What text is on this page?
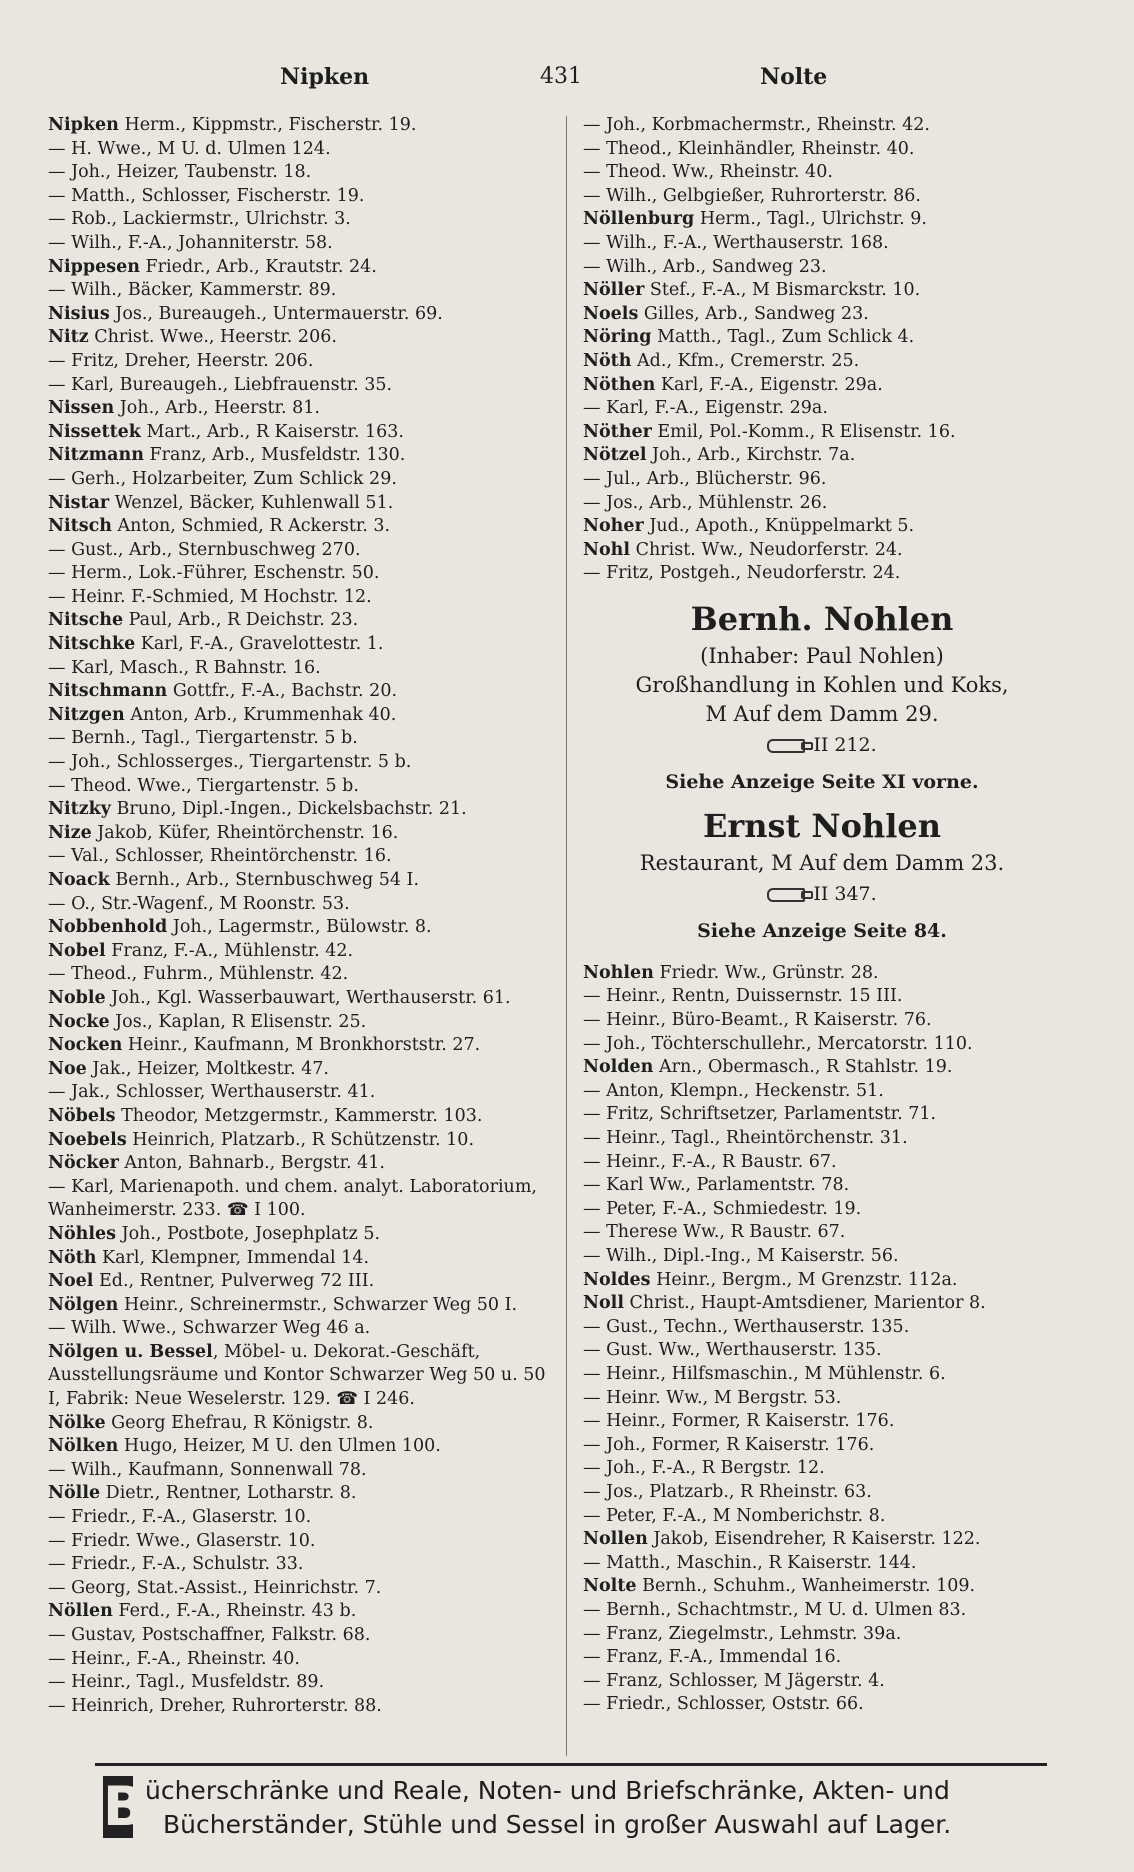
Nipken	431	Nolte
Nipken Herm., Kippmstr., Fischerstr. 19.
— H. Wwe., M U. d. Ulmen 124.
— Joh., Heizer, Taubenstr. 18.
— Matth., Schlosser, Fischerstr. 19.
— Rob., Lackiermstr., Ulrichstr. 3.
— Wilh., F.-A., Johanniterstr. 58.
Nippesen Friedr., Arb., Krautstr. 24.
— Wilh., Bäcker, Kammerstr. 89.
Nisius Jos., Bureaugeh., Untermauerstr. 69.
Nitz Christ. Wwe., Heerstr. 206.
— Fritz, Dreher, Heerstr. 206.
— Karl, Bureaugeh., Liebfrauenstr. 35.
Nissen Joh., Arb., Heerstr. 81.
Nissettek Mart., Arb., R Kaiserstr. 163.
Nitzmann Franz, Arb., Musfeldstr. 130.
— Gerh., Holzarbeiter, Zum Schlick 29.
Nistar Wenzel, Bäcker, Kuhlenwall 51.
Nitsch Anton, Schmied, R Ackerstr. 3.
— Gust., Arb., Sternbuschweg 270.
— Herm., Lok.-Führer, Eschenstr. 50.
— Heinr. F.-Schmied, M Hochstr. 12.
Nitsche Paul, Arb., R Deichstr. 23.
Nitschke Karl, F.-A., Gravelottestr. 1.
— Karl, Masch., R Bahnstr. 16.
Nitschmann Gottfr., F.-A., Bachstr. 20.
Nitzgen Anton, Arb., Krummenhak 40.
— Bernh., Tagl., Tiergartenstr. 5 b.
— Joh., Schlosserges., Tiergartenstr. 5 b.
— Theod. Wwe., Tiergartenstr. 5 b.
Nitzky Bruno, Dipl.-Ingen., Dickelsbachstr. 21.
Nize Jakob, Küfer, Rheintörchenstr. 16.
— Val., Schlosser, Rheintörchenstr. 16.
Noack Bernh., Arb., Sternbuschweg 54 I.
— O., Str.-Wagenf., M Roonstr. 53.
Nobbenhold Joh., Lagermstr., Bülowstr. 8.
Nobel Franz, F.-A., Mühlenstr. 42.
— Theod., Fuhrm., Mühlenstr. 42.
Noble Joh., Kgl. Wasserbauwart, Werthauserstr. 61.
Nocke Jos., Kaplan, R Elisenstr. 25.
Nocken Heinr., Kaufmann, M Bronkhorststr. 27.
Noe Jak., Heizer, Moltkestr. 47.
— Jak., Schlosser, Werthauserstr. 41.
Nöbels Theodor, Metzgermstr., Kammerstr. 103.
Noebels Heinrich, Platzarb., R Schützenstr. 10.
Nöcker Anton, Bahnarb., Bergstr. 41.
— Karl, Marienapoth. und chem. analyt. Laboratorium, Wanheimerstr. 233. ☎ I 100.
Nöhles Joh., Postbote, Josephplatz 5.
Nöth Karl, Klempner, Immendal 14.
Noel Ed., Rentner, Pulverweg 72 III.
Nölgen Heinr., Schreinermstr., Schwarzer Weg 50 I.
— Wilh. Wwe., Schwarzer Weg 46 a.
Nölgen u. Bessel, Möbel- u. Dekorat.-Geschäft, Ausstellungsräume und Kontor Schwarzer Weg 50 u. 50 I, Fabrik: Neue Weselerstr. 129. ☎ I 246.
Nölke Georg Ehefrau, R Königstr. 8.
Nölken Hugo, Heizer, M U. den Ulmen 100.
— Wilh., Kaufmann, Sonnenwall 78.
Nölle Dietr., Rentner, Lotharstr. 8.
— Friedr., F.-A., Glaserstr. 10.
— Friedr. Wwe., Glaserstr. 10.
— Friedr., F.-A., Schulstr. 33.
— Georg, Stat.-Assist., Heinrichstr. 7.
Nöllen Ferd., F.-A., Rheinstr. 43 b.
— Gustav, Postschaffner, Falkstr. 68.
— Heinr., F.-A., Rheinstr. 40.
— Heinr., Tagl., Musfeldstr. 89.
— Heinrich, Dreher, Ruhrorterstr. 88.
— Joh., Korbmachermstr., Rheinstr. 42.
— Theod., Kleinhändler, Rheinstr. 40.
— Theod. Ww., Rheinstr. 40.
— Wilh., Gelbgießer, Ruhrorterstr. 86.
Nöllenburg Herm., Tagl., Ulrichstr. 9.
— Wilh., F.-A., Werthauserstr. 168.
— Wilh., Arb., Sandweg 23.
Nöller Stef., F.-A., M Bismarckstr. 10.
Noels Gilles, Arb., Sandweg 23.
Nöring Matth., Tagl., Zum Schlick 4.
Nöth Ad., Kfm., Cremerstr. 25.
Nöthen Karl, F.-A., Eigenstr. 29a.
— Karl, F.-A., Eigenstr. 29a.
Nöther Emil, Pol.-Komm., R Elisenstr. 16.
Nötzel Joh., Arb., Kirchstr. 7a.
— Jul., Arb., Blücherstr. 96.
— Jos., Arb., Mühlenstr. 26.
Noher Jud., Apoth., Knüppelmarkt 5.
Nohl Christ. Ww., Neudorferstr. 24.
— Fritz, Postgeh., Neudorferstr. 24.
Bernh. Nohlen
(Inhaber: Paul Nohlen)
Großhandlung in Kohlen und Koks,
M Auf dem Damm 29.
II 212.
Siehe Anzeige Seite XI vorne.
Ernst Nohlen
Restaurant, M Auf dem Damm 23.
II 347.
Siehe Anzeige Seite 84.
Nohlen Friedr. Ww., Grünstr. 28.
— Heinr., Rentn, Duissernstr. 15 III.
— Heinr., Büro-Beamt., R Kaiserstr. 76.
— Joh., Töchterschullehr., Mercatorstr. 110.
Nolden Arn., Obermasch., R Stahlstr. 19.
— Anton, Klempn., Heckenstr. 51.
— Fritz, Schriftsetzer, Parlamentstr. 71.
— Heinr., Tagl., Rheintörchenstr. 31.
— Heinr., F.-A., R Baustr. 67.
— Karl Ww., Parlamentstr. 78.
— Peter, F.-A., Schmiedestr. 19.
— Therese Ww., R Baustr. 67.
— Wilh., Dipl.-Ing., M Kaiserstr. 56.
Noldes Heinr., Bergm., M Grenzstr. 112a.
Noll Christ., Haupt-Amtsdiener, Marientor 8.
— Gust., Techn., Werthauserstr. 135.
— Gust. Ww., Werthauserstr. 135.
— Heinr., Hilfsmaschin., M Mühlenstr. 6.
— Heinr. Ww., M Bergstr. 53.
— Heinr., Former, R Kaiserstr. 176.
— Joh., Former, R Kaiserstr. 176.
— Joh., F.-A., R Bergstr. 12.
— Jos., Platzarb., R Rheinstr. 63.
— Peter, F.-A., M Nomberichstr. 8.
Nollen Jakob, Eisendreher, R Kaiserstr. 122.
— Matth., Maschin., R Kaiserstr. 144.
Nolte Bernh., Schuhm., Wanheimerstr. 109.
— Bernh., Schachtmstr., M U. d. Ulmen 83.
— Franz, Ziegelmstr., Lehmstr. 39a.
— Franz, F.-A., Immendal 16.
— Franz, Schlosser, M Jägerstr. 4.
— Friedr., Schlosser, Oststr. 66.
B ücherschränke und Reale, Noten- und Briefschränke, Akten- und
Bücherständer, Stühle und Sessel in großer Auswahl auf Lager.
